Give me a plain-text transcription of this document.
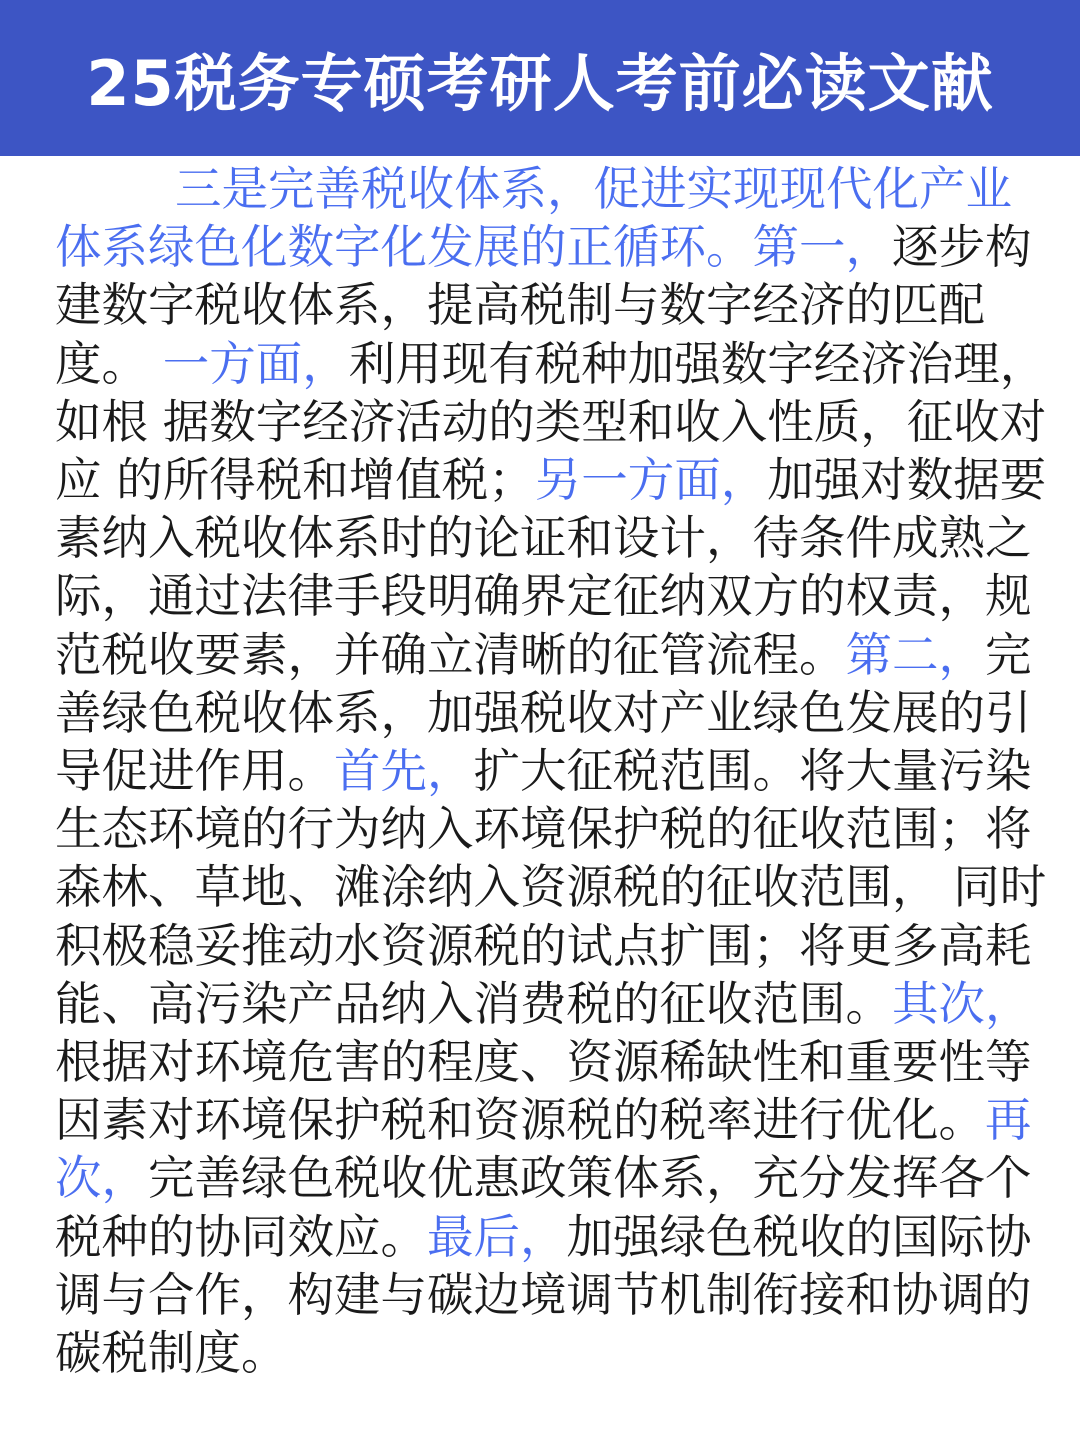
25税务专硕考研人考前必读文献

三是完善税收体系，促进实现现代化产业体系绿色化数字化发展的正循环。第一，逐步构建数字税收体系，提高税制与数字经济的匹配度。 一方面，利用现有税种加强数字经济治理，如根 据数字经济活动的类型和收入性质，征收对应 的所得税和增值税；另一方面，加强对数据要素纳入税收体系时的论证和设计，待条件成熟之际，通过法律手段明确界定征纳双方的权责，规范税收要素，并确立清晰的征管流程。第二，完善绿色税收体系，加强税收对产业绿色发展的引导促进作用。首先，扩大征税范围。将大量污染 生态环境的行为纳入环境保护税的征收范围；将森林、草地、滩涂纳入资源税的征收范围， 同时积极稳妥推动水资源税的试点扩围；将更多高耗能、高污染产品纳入消费税的征收范围。其次， 根据对环境危害的程度、资源稀缺性和重要性等 因素对环境保护税和资源税的税率进行优化。再次，完善绿色税收优惠政策体系，充分发挥各个税种的协同效应。最后，加强绿色税收的国际协调与合作，构建与碳边境调节机制衔接和协调的碳税制度。
